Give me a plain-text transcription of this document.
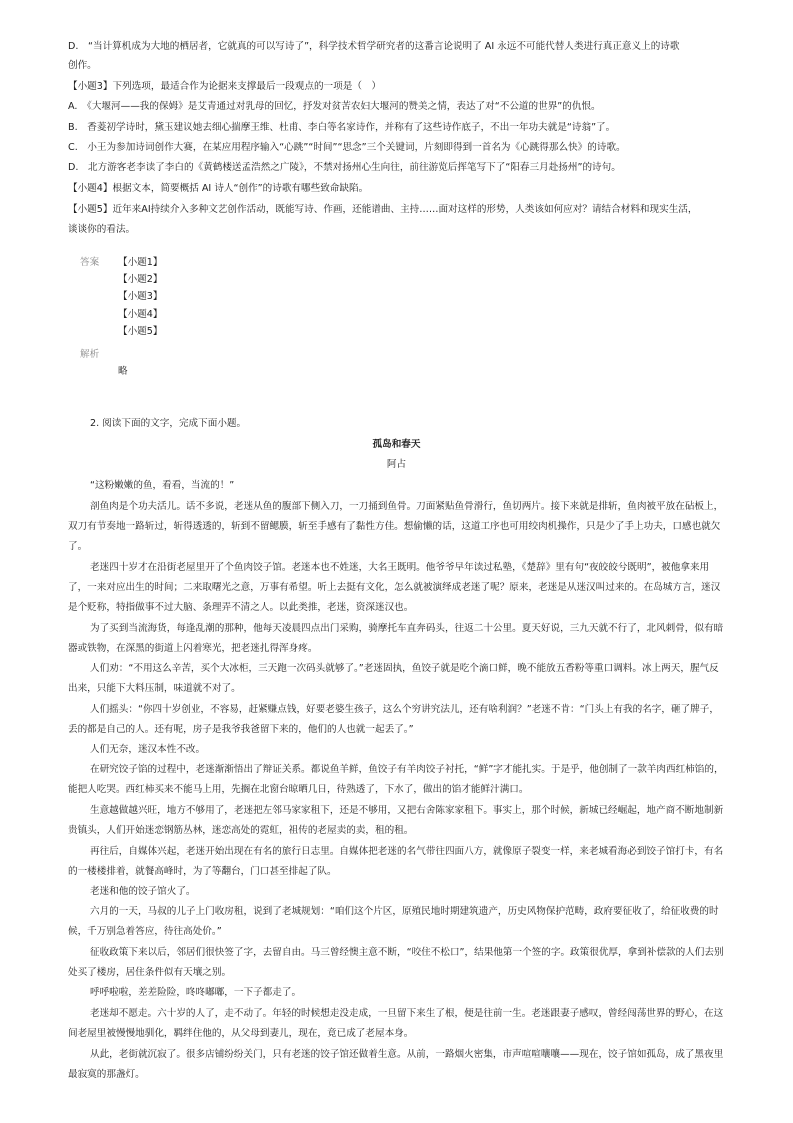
D.　“当计算机成为大地的栖居者，它就真的可以写诗了”，科学技术哲学研究者的这番言论说明了 AI 永远不可能代替人类进行真正意义上的诗歌
创作。
【小题3】下列选项，最适合作为论据来支撑最后一段观点的一项是（　）
A.　《大堰河——我的保姆》是艾青通过对乳母的回忆，抒发对贫苦农妇大堰河的赞美之情，表达了对“不公道的世界”的仇恨。
B.　香菱初学诗时，黛玉建议她去细心揣摩王维、杜甫、李白等名家诗作，并称有了这些诗作底子，不出一年功夫就是“诗翁”了。
C.　小王为参加诗词创作大赛，在某应用程序输入“心跳”“时间”“思念”三个关键词，片刻即得到一首名为《心跳得那么快》的诗歌。
D.　北方游客老李读了李白的《黄鹤楼送孟浩然之广陵》，不禁对扬州心生向往，前往游览后挥笔写下了“阳春三月赴扬州”的诗句。
【小题4】根据文本，简要概括 AI 诗人“创作”的诗歌有哪些致命缺陷。
【小题5】近年来AI持续介入多种文艺创作活动，既能写诗、作画，还能谱曲、主持……面对这样的形势，人类该如何应对？请结合材料和现实生活，
谈谈你的看法。
答案 【小题1】
【小题2】
【小题3】
【小题4】
【小题5】
解析
略
2. 阅读下面的文字，完成下面小题。
孤岛和春天
阿占
“这粉嫩嫩的鱼，看看，当流的！”
剖鱼肉是个功夫活儿。话不多说，老迷从鱼的腹部下侧入刀，一刀捅到鱼骨。刀面紧贴鱼骨滑行，鱼切两片。接下来就是排斩，鱼肉被平放在砧板上，双刀有节奏地一路斩过，斩得透透的，斩到不留鳃膜，斩至手感有了黏性方佳。想偷懒的话，这道工序也可用绞肉机操作，只是少了手上功夫，口感也就欠了。
老迷四十岁才在沿街老屋里开了个鱼肉饺子馆。老迷本也不姓迷，大名王既明。他爷爷早年读过私塾，《楚辞》里有句“夜皎皎兮既明”，被他拿来用了，一来对应出生的时间；二来取曙光之意，万事有希望。听上去挺有文化，怎么就被演绎成老迷了呢？原来，老迷是从迷汉叫过来的。在岛城方言，迷汉是个贬称，特指做事不过大脑、条理弄不清之人。以此类推，老迷，资深迷汉也。
为了买到当流海货，每逢乱潮的那种，他每天凌晨四点出门采购，骑摩托车直奔码头，往返二十公里。夏天好说，三九天就不行了，北风刺骨，似有暗器或铁物，在深黑的街道上闪着寒光，把老迷扎得浑身疼。
人们劝：“不用这么辛苦，买个大冰柜，三天跑一次码头就够了。”老迷固执，鱼饺子就是吃个滴口鲜，晚不能放五香粉等重口调料。冰上两天，腥气反出来，只能下大料压制，味道就不对了。
人们摇头：“你四十岁创业，不容易，赶紧赚点钱，好要老婆生孩子，这么个穷讲究法儿，还有啥利润？”老迷不肯：“门头上有我的名字，砸了牌子，丢的都是自己的人。还有呢，房子是我爷我爸留下来的，他们的人也就一起丢了。”
人们无奈，迷汉本性不改。
在研究饺子馅的过程中，老迷渐渐悟出了辩证关系。都说鱼羊鲜，鱼饺子有羊肉饺子衬托，“鲜”字才能扎实。于是乎，他创制了一款羊肉西红柿馅的，能把人吃哭。西红柿买来不能马上用，先搁在北窗台晾晒几日，待熟透了，下水了，做出的馅才能鲜汁满口。
生意越做越兴旺，地方不够用了，老迷把左邻马家家租下，还是不够用，又把右舍陈家家租下。事实上，那个时候，新城已经崛起，地产商不断地制新贵镇头，人们开始迷恋钢筋丛林，迷恋高处的霓虹，祖传的老屋卖的卖，租的租。
再往后，自媒体兴起，老迷开始出现在有名的旅行日志里。自媒体把老迷的名气带往四面八方，就像原子裂变一样，来老城看海必到饺子馆打卡，有名的一楼楼排着，就餐高峰时，为了等翻台，门口甚至排起了队。
老迷和他的饺子馆火了。
六月的一天，马叔的儿子上门收房租，说到了老城规划：“咱们这个片区，原殖民地时期建筑遗产，历史风物保护范畴，政府要征收了，给征收费的时候，千万别急着答应，待往高处价。”
征收政策下来以后，邻居们很快签了字，去留自由。马三曾经懊主意不断，“咬住不松口”，结果他第一个签的字。政策很优厚，拿到补偿款的人们去别处买了楼房，居住条件似有天壤之别。
呼呼啦啦，差差险险，咚咚嘟嘟，一下子都走了。
老迷却不愿走。六十岁的人了，走不动了。年轻的时候想走没走成，一旦留下来生了根，便是往前一生。老迷跟妻子感叹，曾经闯荡世界的野心，在这间老屋里被慢慢地驯化，羁绊住他的，从父母到妻儿，现在，竟已成了老屋本身。
从此，老街就沉寂了。很多店铺纷纷关门，只有老迷的饺子馆还做着生意。从前，一路烟火密集，市声喧喧嚷嚷——现在，饺子馆如孤岛，成了黑夜里最寂寞的那盏灯。
